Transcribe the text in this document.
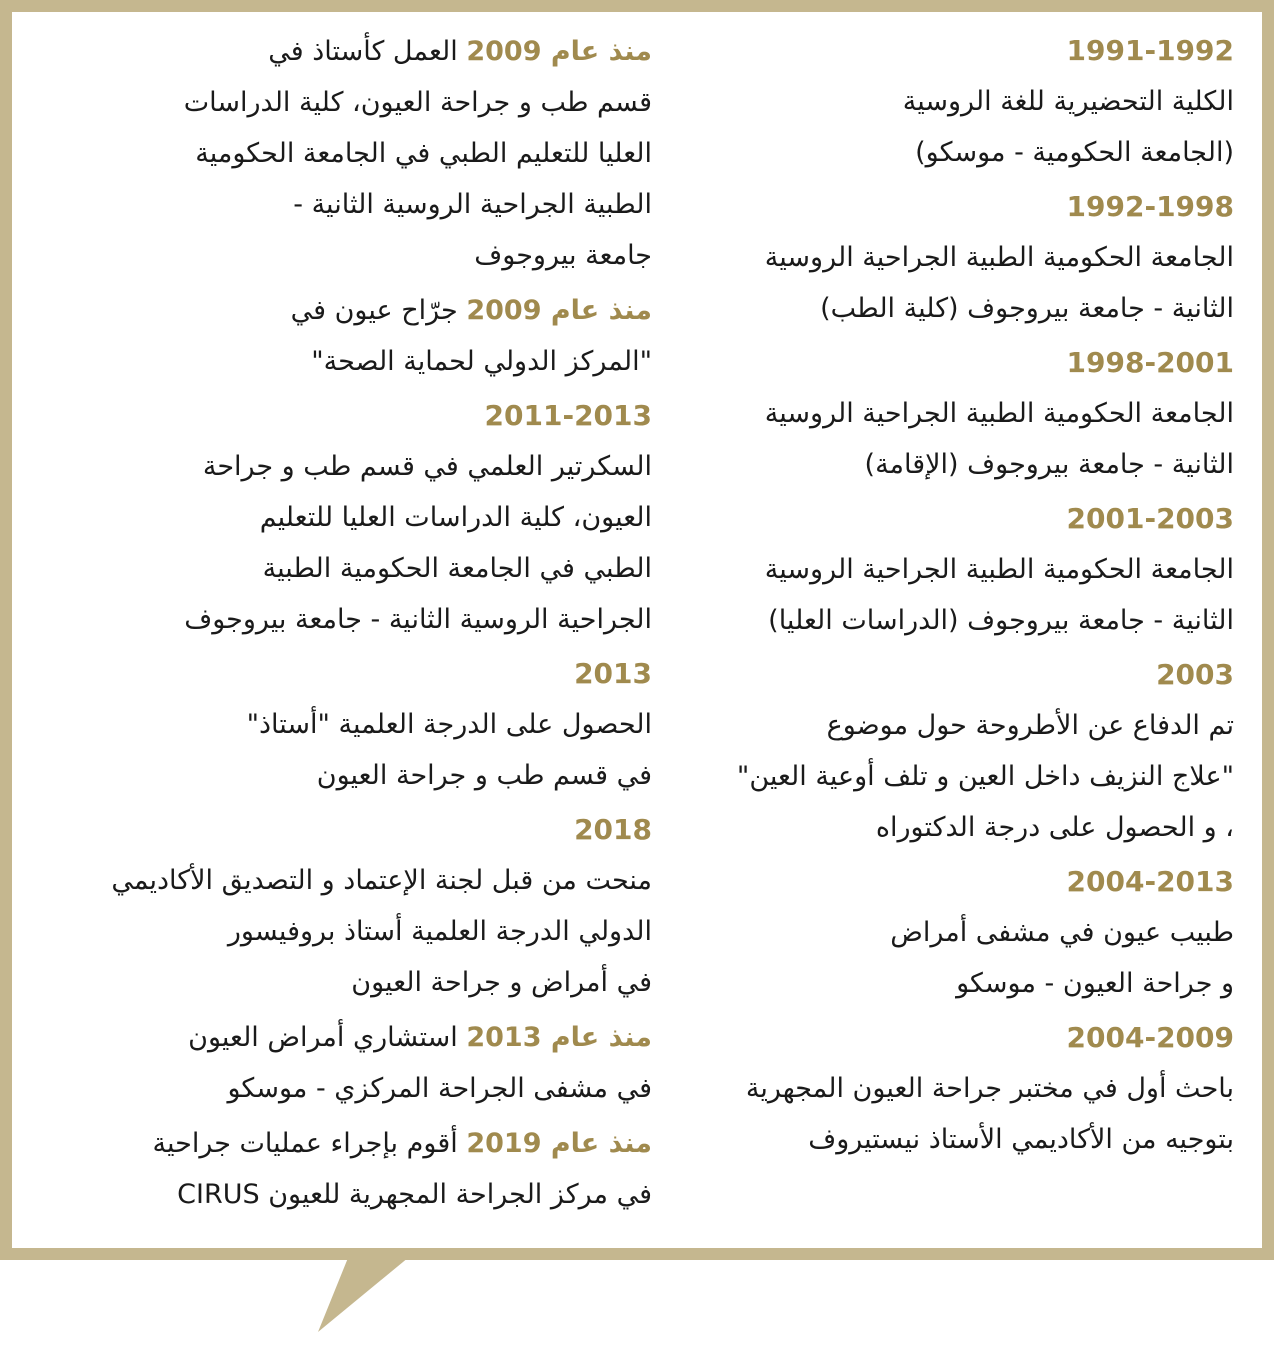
1991-1992
الكلية التحضيرية للغة الروسية
(الجامعة الحكومية - موسكو)
1992-1998
الجامعة الحكومية الطبية الجراحية الروسية
الثانية - جامعة بيروجوف (كلية الطب)
1998-2001
الجامعة الحكومية الطبية الجراحية الروسية
الثانية - جامعة بيروجوف (الإقامة)
2001-2003
الجامعة الحكومية الطبية الجراحية الروسية
الثانية - جامعة بيروجوف (الدراسات العليا)
2003
تم الدفاع عن الأطروحة حول موضوع
"علاج النزيف داخل العين و تلف أوعية العين"
، و الحصول على درجة الدكتوراه
2004-2013
طبيب عيون في مشفى أمراض
و جراحة العيون - موسكو
2004-2009
باحث أول في مختبر جراحة العيون المجهرية
بتوجيه من الأكاديمي الأستاذ نيستيروف
منذ عام 2009 العمل كأستاذ في
قسم طب و جراحة العيون، كلية الدراسات
العليا للتعليم الطبي في الجامعة الحكومية
الطبية الجراحية الروسية الثانية -
جامعة بيروجوف
منذ عام 2009 جرّاح عيون في
"المركز الدولي لحماية الصحة"
2011-2013
السكرتير العلمي في قسم طب و جراحة
العيون، كلية الدراسات العليا للتعليم
الطبي في الجامعة الحكومية الطبية
الجراحية الروسية الثانية - جامعة بيروجوف
2013
الحصول على الدرجة العلمية "أستاذ"
في قسم طب و جراحة العيون
2018
منحت من قبل لجنة الإعتماد و التصديق الأكاديمي
الدولي الدرجة العلمية أستاذ بروفيسور
في أمراض و جراحة العيون
منذ عام 2013 استشاري أمراض العيون
في مشفى الجراحة المركزي - موسكو
منذ عام 2019 أقوم بإجراء عمليات جراحية
في مركز الجراحة المجهرية للعيون CIRUS
